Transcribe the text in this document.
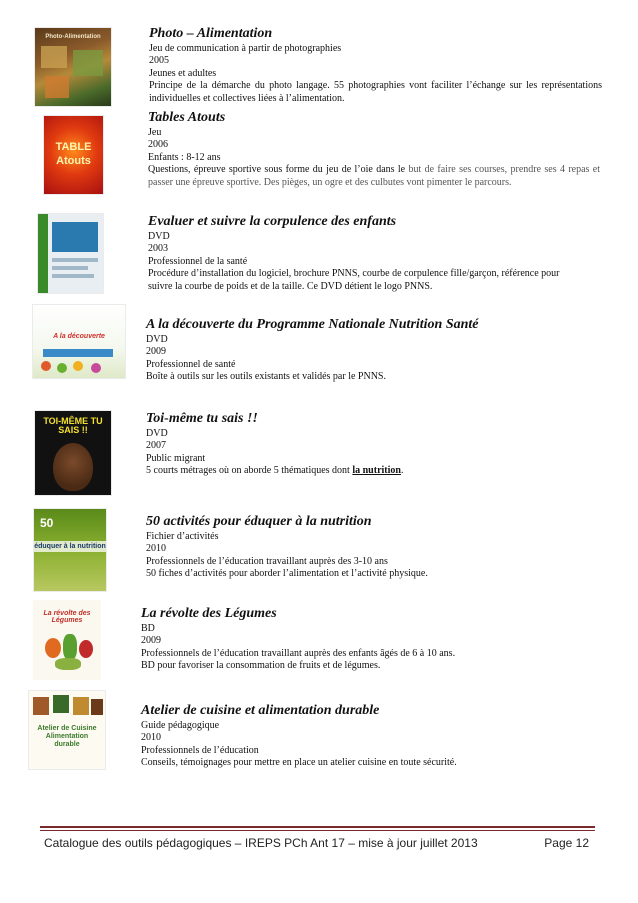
Photo-Alimentation	Photo – Alimentation
Jeu de communication à partir de photographies
2005
Jeunes et adultes
Principe de la démarche du photo langage. 55 photographies vont faciliter l’échange sur les représentations individuelles et collectives liées à l’alimentation.
TABLE
Atouts
Tables Atouts
Jeu
2006
Enfants : 8-12 ans
Questions, épreuve sportive sous forme du jeu de l’oie dans le but de faire ses courses, prendre ses 4 repas et passer une épreuve sportive. Des pièges, un ogre et des culbutes vont pimenter le parcours.
Evaluer et suivre la corpulence des enfants
DVD
2003
Professionnel de la santé
Procédure d’installation du logiciel, brochure PNNS, courbe de corpulence fille/garçon, référence pour
suivre la courbe de poids et de la taille. Ce DVD détient le logo PNNS.
A la découverte
A la découverte du Programme Nationale Nutrition Santé
DVD
2009
Professionnel de santé
Boîte à outils sur les outils existants et validés par le PNNS.
TOI-MÊME TU SAIS !!
Toi-même tu sais !!
DVD
2007
Public migrant
5 courts métrages où on aborde 5 thématiques dont la nutrition.
50
éduquer à la nutrition
50 activités pour éduquer à la nutrition
Fichier d’activités
2010
Professionnels de l’éducation travaillant auprès des 3-10 ans
50 fiches d’activités pour aborder l’alimentation et l’activité physique.
La révolte des Légumes	La révolte des Légumes
BD
2009
Professionnels de l’éducation travaillant auprès des enfants âgés de 6 à 10 ans.
BD pour favoriser la consommation de fruits et de légumes.
Atelier de Cuisine Alimentation durable
Atelier de cuisine et alimentation durable
Guide pédagogique
2010
Professionnels de l’éducation
Conseils, témoignages pour mettre en place un atelier cuisine en toute sécurité.
Catalogue des outils pédagogiques – IREPS PCh Ant 17 – mise à jour juillet 2013	Page 12
